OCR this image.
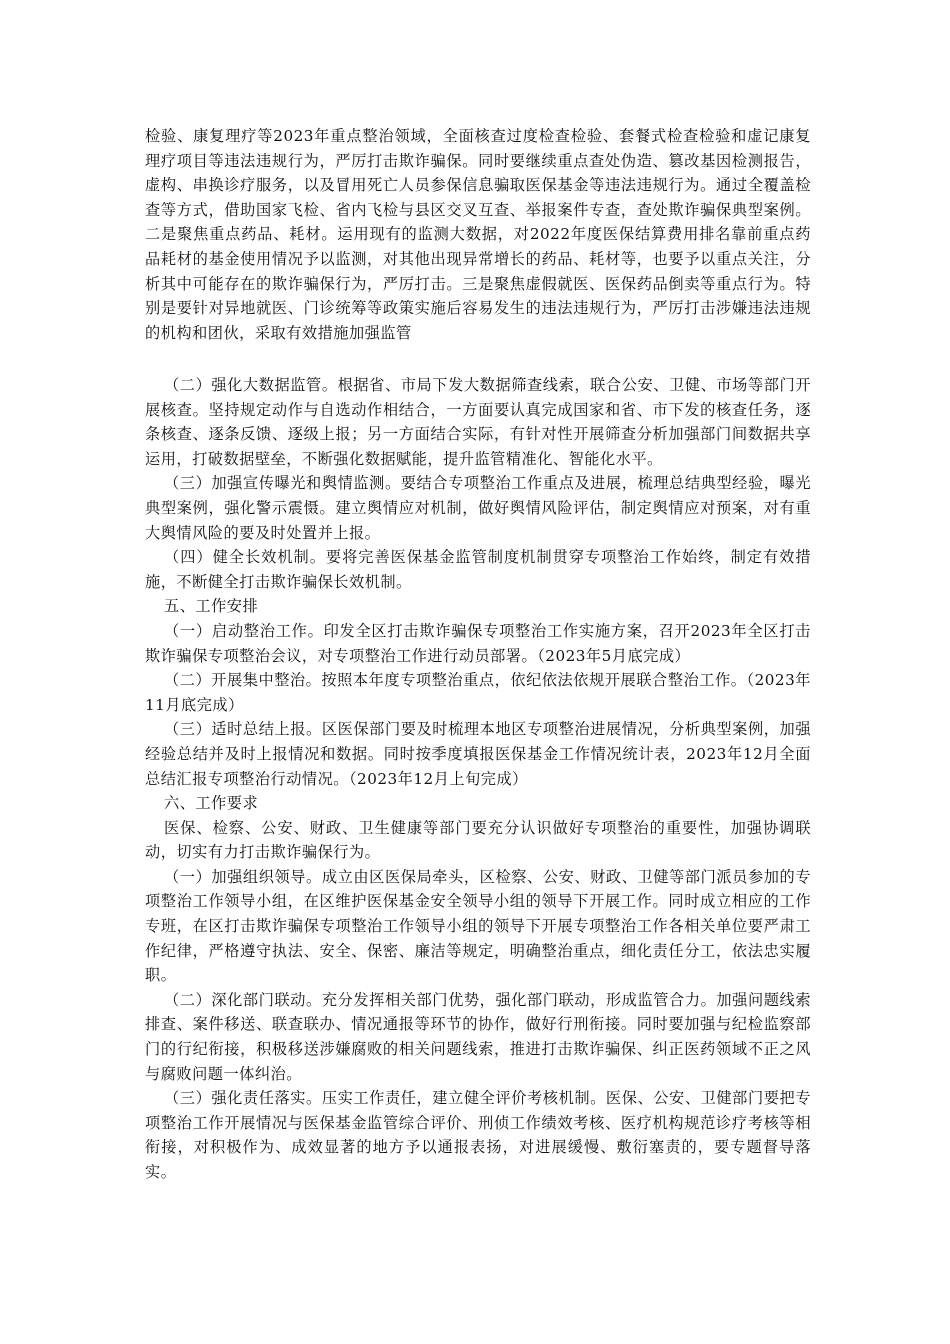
检验、康复理疗等2023年重点整治领域，全面核查过度检查检验、套餐式检查检验和虚记康复理疗项目等违法违规行为，严厉打击欺诈骗保。同时要继续重点查处伪造、篡改基因检测报告，虚构、串换诊疗服务，以及冒用死亡人员参保信息骗取医保基金等违法违规行为。通过全覆盖检查等方式，借助国家飞检、省内飞检与县区交叉互查、举报案件专查，查处欺诈骗保典型案例。二是聚焦重点药品、耗材。运用现有的监测大数据，对2022年度医保结算费用排名靠前重点药品耗材的基金使用情况予以监测，对其他出现异常增长的药品、耗材等，也要予以重点关注，分析其中可能存在的欺诈骗保行为，严厉打击。三是聚焦虚假就医、医保药品倒卖等重点行为。特别是要针对异地就医、门诊统筹等政策实施后容易发生的违法违规行为，严厉打击涉嫌违法违规的机构和团伙，采取有效措施加强监管

（二）强化大数据监管。根据省、市局下发大数据筛查线索，联合公安、卫健、市场等部门开展核查。坚持规定动作与自选动作相结合，一方面要认真完成国家和省、市下发的核查任务，逐条核查、逐条反馈、逐级上报；另一方面结合实际，有针对性开展筛查分析加强部门间数据共享运用，打破数据壁垒，不断强化数据赋能，提升监管精准化、智能化水平。

（三）加强宣传曝光和舆情监测。要结合专项整治工作重点及进展，梳理总结典型经验，曝光典型案例，强化警示震慑。建立舆情应对机制，做好舆情风险评估，制定舆情应对预案，对有重大舆情风险的要及时处置并上报。

（四）健全长效机制。要将完善医保基金监管制度机制贯穿专项整治工作始终，制定有效措施，不断健全打击欺诈骗保长效机制。

五、工作安排

（一）启动整治工作。印发全区打击欺诈骗保专项整治工作实施方案，召开2023年全区打击欺诈骗保专项整治会议，对专项整治工作进行动员部署。（2023年5月底完成）

（二）开展集中整治。按照本年度专项整治重点，依纪依法依规开展联合整治工作。（2023年11月底完成）

（三）适时总结上报。区医保部门要及时梳理本地区专项整治进展情况，分析典型案例，加强经验总结并及时上报情况和数据。同时按季度填报医保基金工作情况统计表，2023年12月全面总结汇报专项整治行动情况。（2023年12月上旬完成）

六、工作要求

医保、检察、公安、财政、卫生健康等部门要充分认识做好专项整治的重要性，加强协调联动，切实有力打击欺诈骗保行为。

（一）加强组织领导。成立由区医保局牵头，区检察、公安、财政、卫健等部门派员参加的专项整治工作领导小组，在区维护医保基金安全领导小组的领导下开展工作。同时成立相应的工作专班，在区打击欺诈骗保专项整治工作领导小组的领导下开展专项整治工作各相关单位要严肃工作纪律，严格遵守执法、安全、保密、廉洁等规定，明确整治重点，细化责任分工，依法忠实履职。

（二）深化部门联动。充分发挥相关部门优势，强化部门联动，形成监管合力。加强问题线索排查、案件移送、联查联办、情况通报等环节的协作，做好行刑衔接。同时要加强与纪检监察部门的行纪衔接，积极移送涉嫌腐败的相关问题线索，推进打击欺诈骗保、纠正医药领域不正之风与腐败问题一体纠治。

（三）强化责任落实。压实工作责任，建立健全评价考核机制。医保、公安、卫健部门要把专项整治工作开展情况与医保基金监管综合评价、刑侦工作绩效考核、医疗机构规范诊疗考核等相衔接，对积极作为、成效显著的地方予以通报表扬，对进展缓慢、敷衍塞责的，要专题督导落实。
